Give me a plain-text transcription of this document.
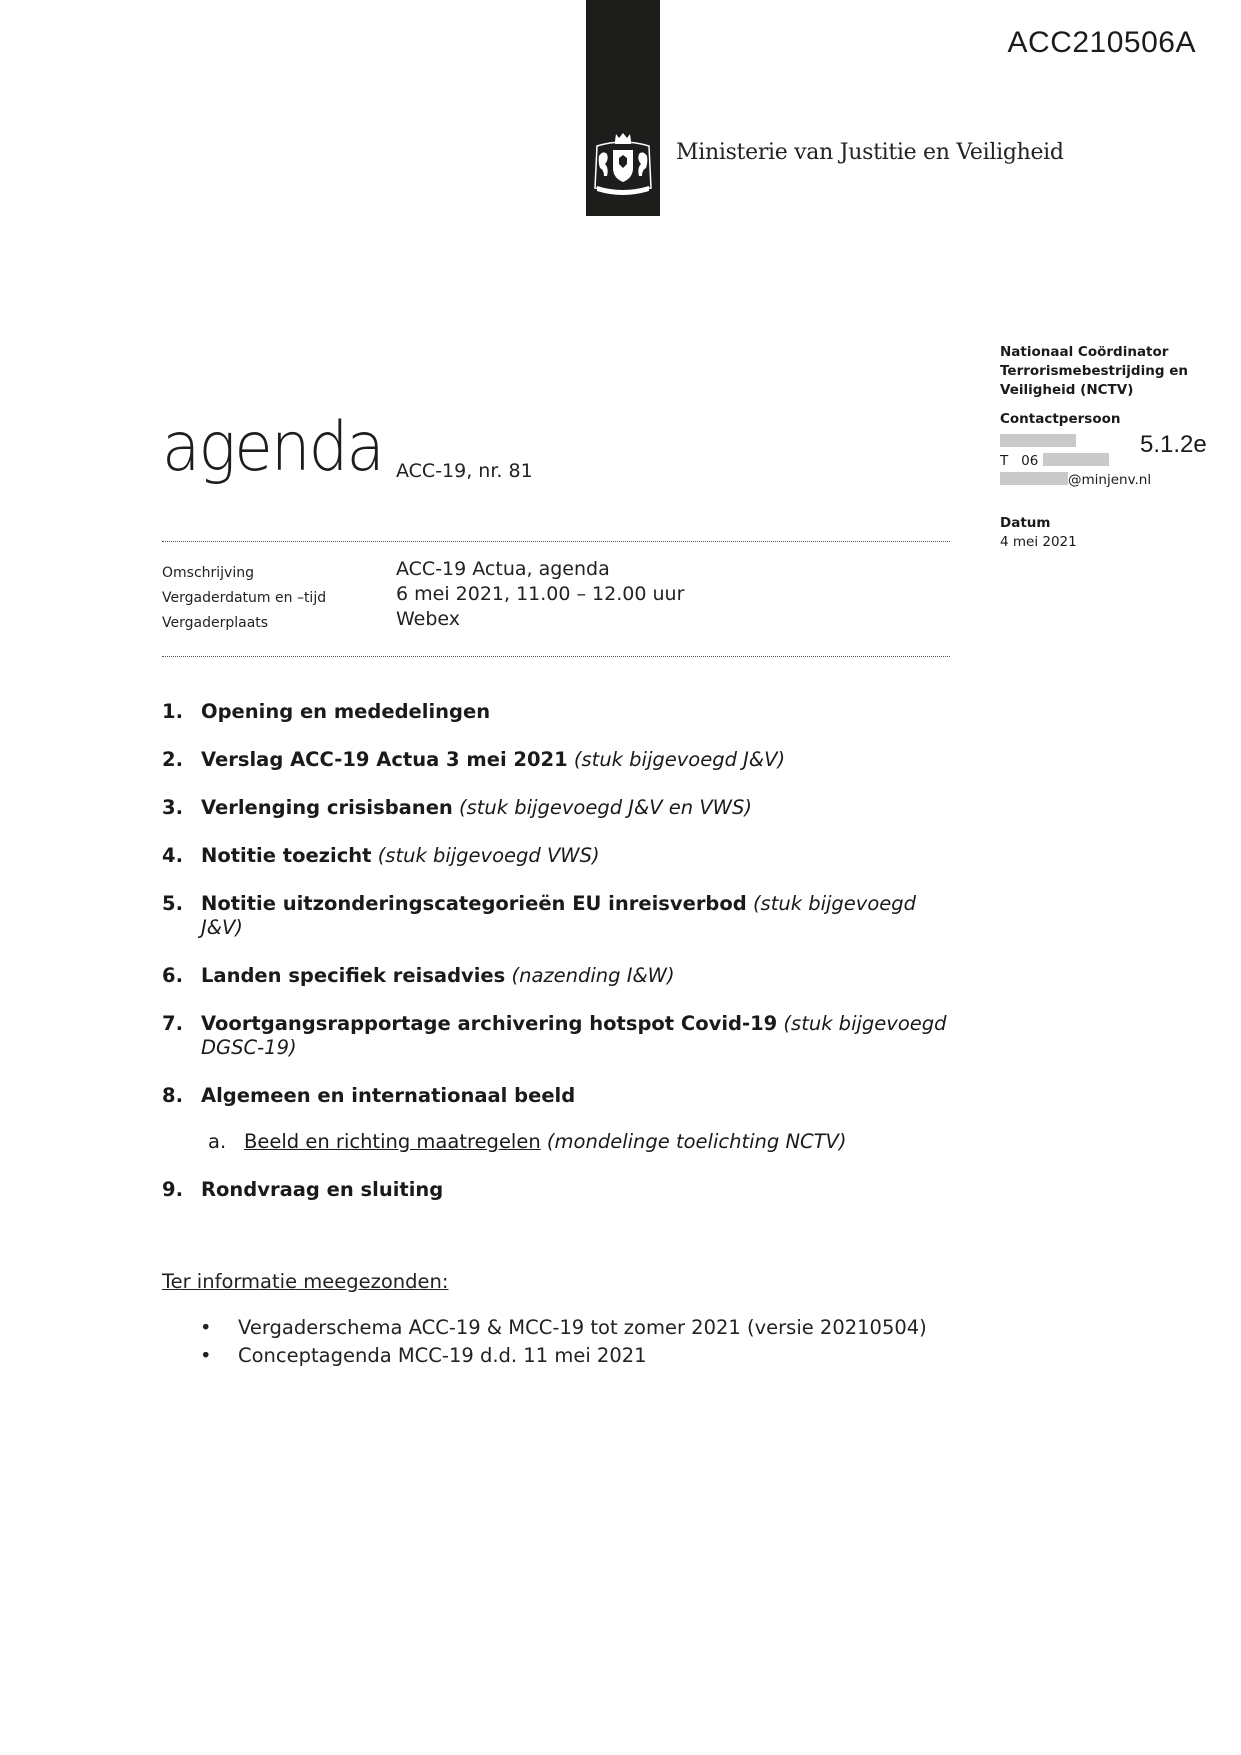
ACC210506A
Ministerie van Justitie en Veiligheid
Nationaal Coördinator
Terrorismebestrijding en
Veiligheid (NCTV)
Contactpersoon
T 06
@minjenv.nl
5.1.2e
Datum
4 mei 2021
agenda ACC-19, nr. 81
Omschrijving	ACC-19 Actua, agenda
Vergaderdatum en –tijd	6 mei 2021, 11.00 – 12.00 uur
Vergaderplaats	Webex
1. Opening en mededelingen
2. Verslag ACC-19 Actua 3 mei 2021 (stuk bijgevoegd J&V)
3. Verlenging crisisbanen (stuk bijgevoegd J&V en VWS)
4. Notitie toezicht (stuk bijgevoegd VWS)
5. Notitie uitzonderingscategorieën EU inreisverbod (stuk bijgevoegd J&V)
6. Landen specifiek reisadvies (nazending I&W)
7. Voortgangsrapportage archivering hotspot Covid-19 (stuk bijgevoegd DGSC-19)
8. Algemeen en internationaal beeld
a. Beeld en richting maatregelen (mondelinge toelichting NCTV)
9. Rondvraag en sluiting
Ter informatie meegezonden:
• Vergaderschema ACC-19 & MCC-19 tot zomer 2021 (versie 20210504)
• Conceptagenda MCC-19 d.d. 11 mei 2021
